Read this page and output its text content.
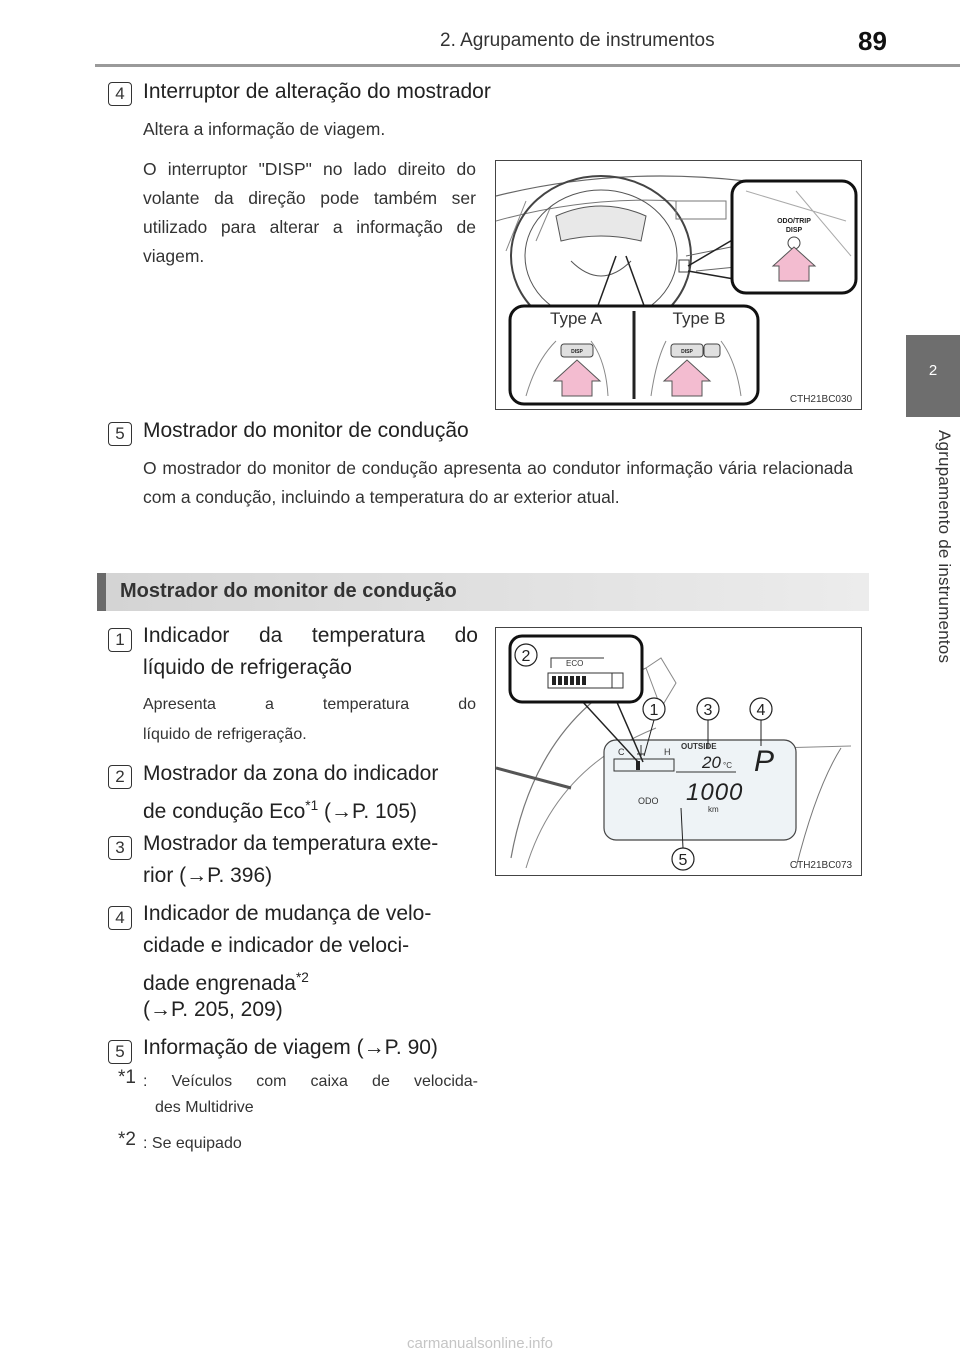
2. Agrupamento de instrumentos	89
2
Agrupamento de instrumentos
4 Interruptor de alteração do mostrador
Altera a informação de viagem.
O interruptor "DISP" no lado direito do volante da direção pode também ser utilizado para alterar a informação de viagem.
ODO/TRIP
DISP
Type A	Type B
DISP	DISP
CTH21BC030
5 Mostrador do monitor de condução
O mostrador do monitor de condução apresenta ao condutor informação vária relacionada com a condução, incluindo a temperatura do ar exterior atual.
Mostrador do monitor de condução
1 Indicador da temperatura do
líquido de refrigeração
Apresenta a temperatura do
líquido de refrigeração.
2 Mostrador da zona do indicador
de condução Eco$^{*1}$ (→P. 105)
3 Mostrador da temperatura exte-
rior (→P. 396)
4 Indicador de mudança de velo-
cidade e indicador de veloci-
dade engrenada$^{*2}$
(→P. 205, 209)
5 Informação de viagem (→P. 90)
*1 : Veículos com caixa de velocida-
des Multidrive
*2 : Se equipado
C	H
OUTSIDE
20 °C P
ODO 1000
km
ECO
2
1	3	4
5	CTH21BC073
carmanualsonline.info
